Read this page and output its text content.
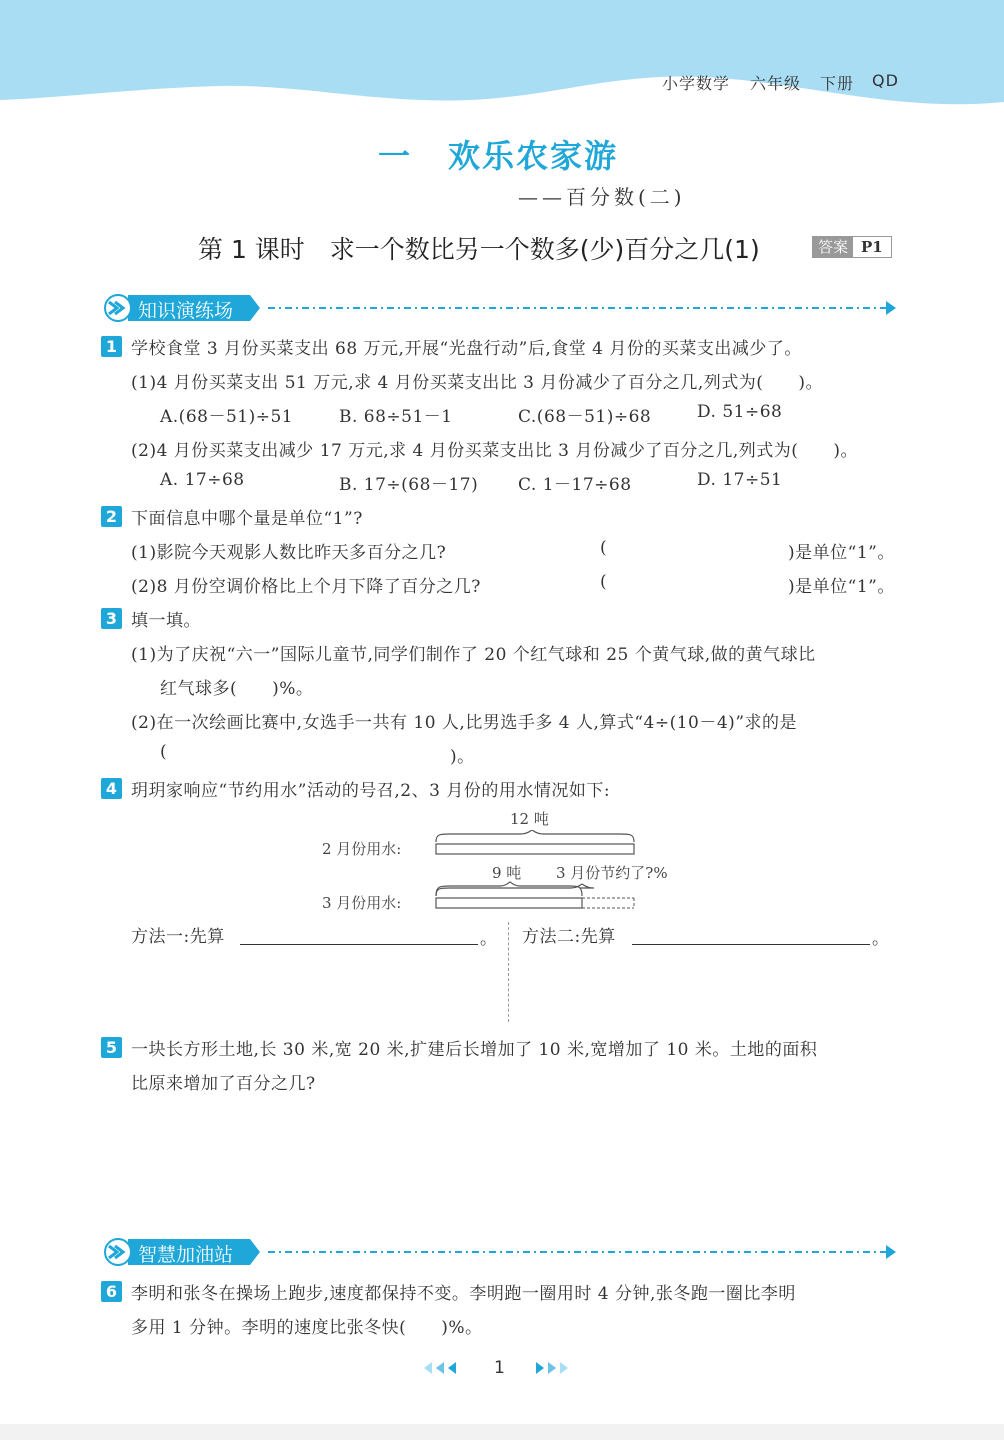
小学数学 六年级 下册 QD
一 欢乐农家游
——百分数(二)
第 1 课时　求一个数比另一个数多(少)百分之几(1)	答案 P1
知识演练场
1 学校食堂 3 月份买菜支出 68 万元,开展“光盘行动”后,食堂 4 月份的买菜支出减少了。
(1)4 月份买菜支出 51 万元,求 4 月份买菜支出比 3 月份减少了百分之几,列式为(　　)。
A.(68－51)÷51	B. 68÷51－1	C.(68－51)÷68	D. 51÷68
(2)4 月份买菜支出减少 17 万元,求 4 月份买菜支出比 3 月份减少了百分之几,列式为(　　)。
A. 17÷68	B. 17÷(68－17) C. 1－17÷68	D. 17÷51
2 下面信息中哪个量是单位“1”?
(1)影院今天观影人数比昨天多百分之几?	(	)是单位“1”。
(2)8 月份空调价格比上个月下降了百分之几?	(	)是单位“1”。
3 填一填。
(1)为了庆祝“六一”国际儿童节,同学们制作了 20 个红气球和 25 个黄气球,做的黄气球比
红气球多(　　)%。
(2)在一次绘画比赛中,女选手一共有 10 人,比男选手多 4 人,算式“4÷(10－4)”求的是
(	)。
4 玥玥家响应“节约用水”活动的号召,2、3 月份的用水情况如下:
12 吨
2 月份用水:
9 吨 3 月份节约了?%
3 月份用水:
方法一:先算	。 方法二:先算	。
5 一块长方形土地,长 30 米,宽 20 米,扩建后长增加了 10 米,宽增加了 10 米。土地的面积
比原来增加了百分之几?
智慧加油站
6 李明和张冬在操场上跑步,速度都保持不变。李明跑一圈用时 4 分钟,张冬跑一圈比李明
多用 1 分钟。李明的速度比张冬快(　　)%。
1
